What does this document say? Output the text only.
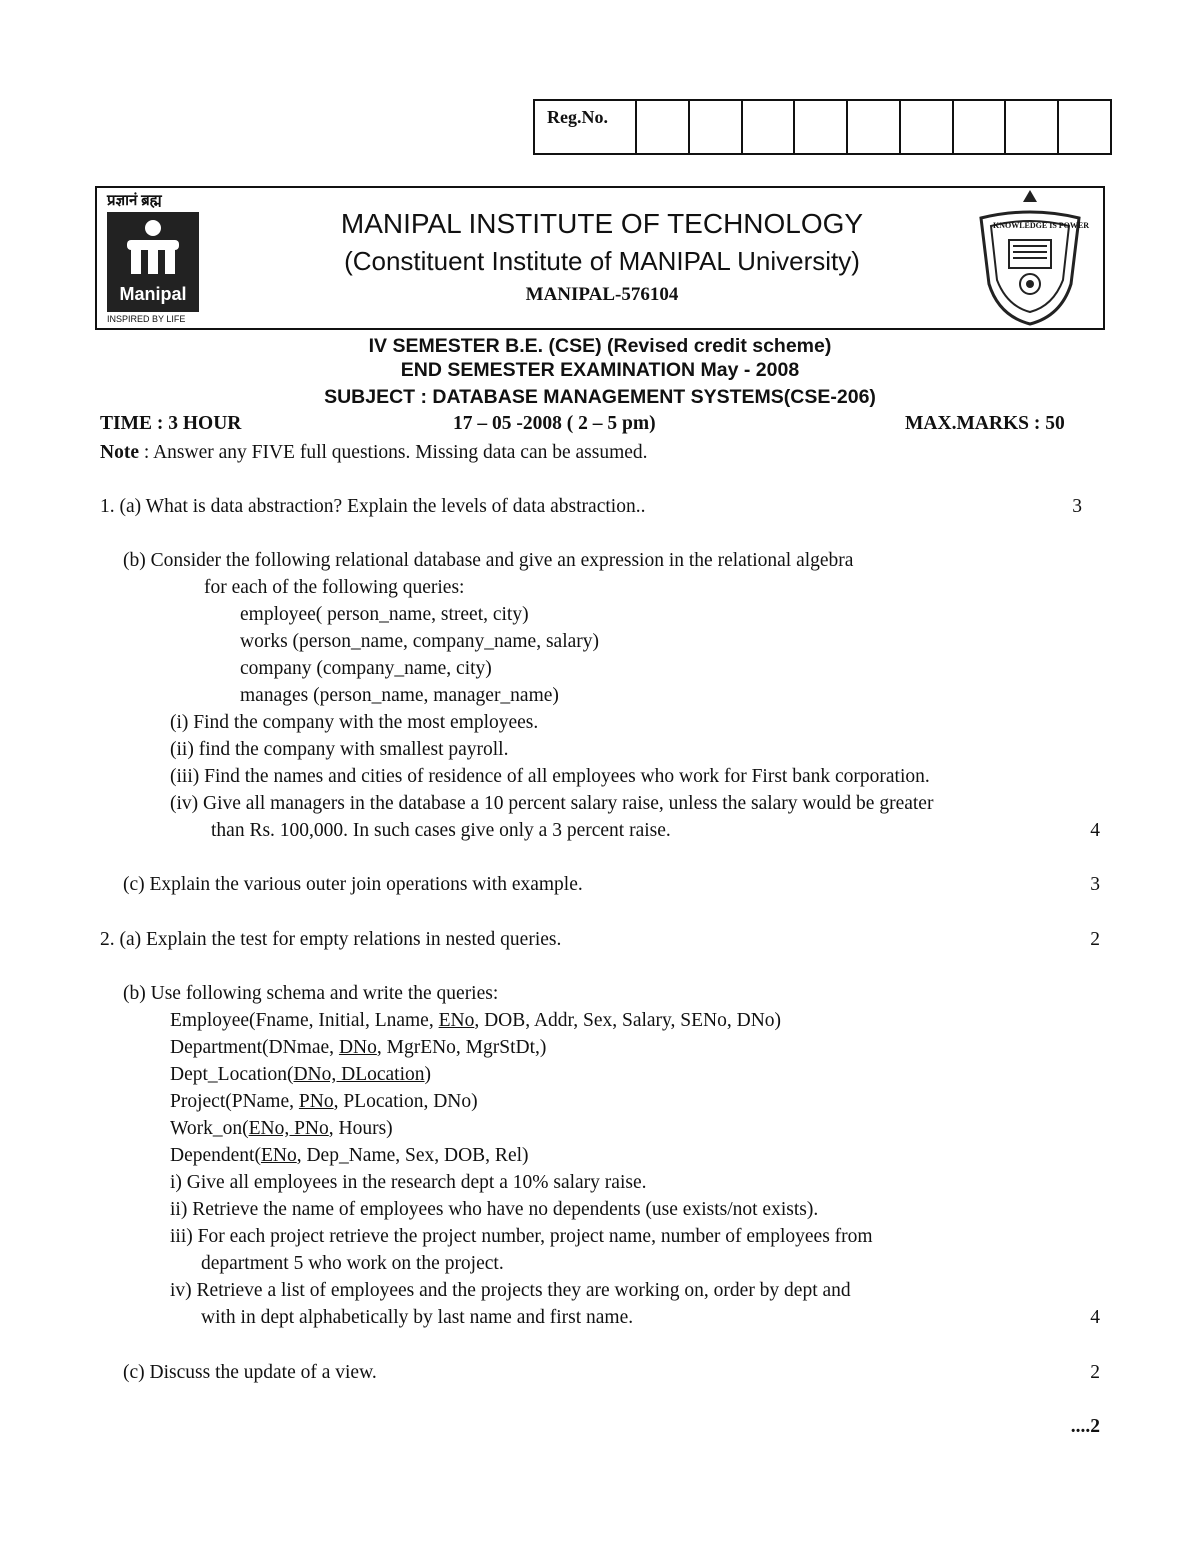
Reg.No.
प्रज्ञानं ब्रह्म
Manipal
INSPIRED BY LIFE
MANIPAL INSTITUTE OF TECHNOLOGY
(Constituent Institute of MANIPAL University)
MANIPAL-576104
KNOWLEDGE IS POWER
IV SEMESTER B.E. (CSE) (Revised credit scheme)
END SEMESTER EXAMINATION May - 2008
SUBJECT : DATABASE MANAGEMENT SYSTEMS(CSE-206)
TIME : 3 HOUR	17 – 05 -2008 ( 2 – 5 pm)	MAX.MARKS : 50
Note : Answer any FIVE full questions. Missing data can be assumed.
1. (a) What is data abstraction? Explain the levels of data abstraction..	3
(b) Consider the following relational database and give an expression in the relational algebra
for each of the following queries:
employee( person_name, street, city)
works (person_name, company_name, salary)
company (company_name, city)
manages (person_name, manager_name)
(i) Find the company with the most employees.
(ii) find the company with smallest payroll.
(iii) Find the names and cities of residence of all employees who work for First bank corporation.
(iv) Give all managers in the database a 10 percent salary raise, unless the salary would be greater
than Rs. 100,000. In such cases give only a 3 percent raise.	4
(c) Explain the various outer join operations with example.	3
2. (a) Explain the test for empty relations in nested queries.	2
(b) Use following schema and write the queries:
Employee(Fname, Initial, Lname, ENo, DOB, Addr, Sex, Salary, SENo, DNo)
Department(DNmae, DNo, MgrENo, MgrStDt,)
Dept_Location(DNo, DLocation)
Project(PName, PNo, PLocation, DNo)
Work_on(ENo, PNo, Hours)
Dependent(ENo, Dep_Name, Sex, DOB, Rel)
i) Give all employees in the research dept a 10% salary raise.
ii) Retrieve the name of employees who have no dependents (use exists/not exists).
iii) For each project retrieve the project number, project name, number of employees from
department 5 who work on the project.
iv) Retrieve a list of employees and the projects they are working on, order by dept and
with in dept alphabetically by last name and first name.	4
(c) Discuss the update of a view.	2
....2
